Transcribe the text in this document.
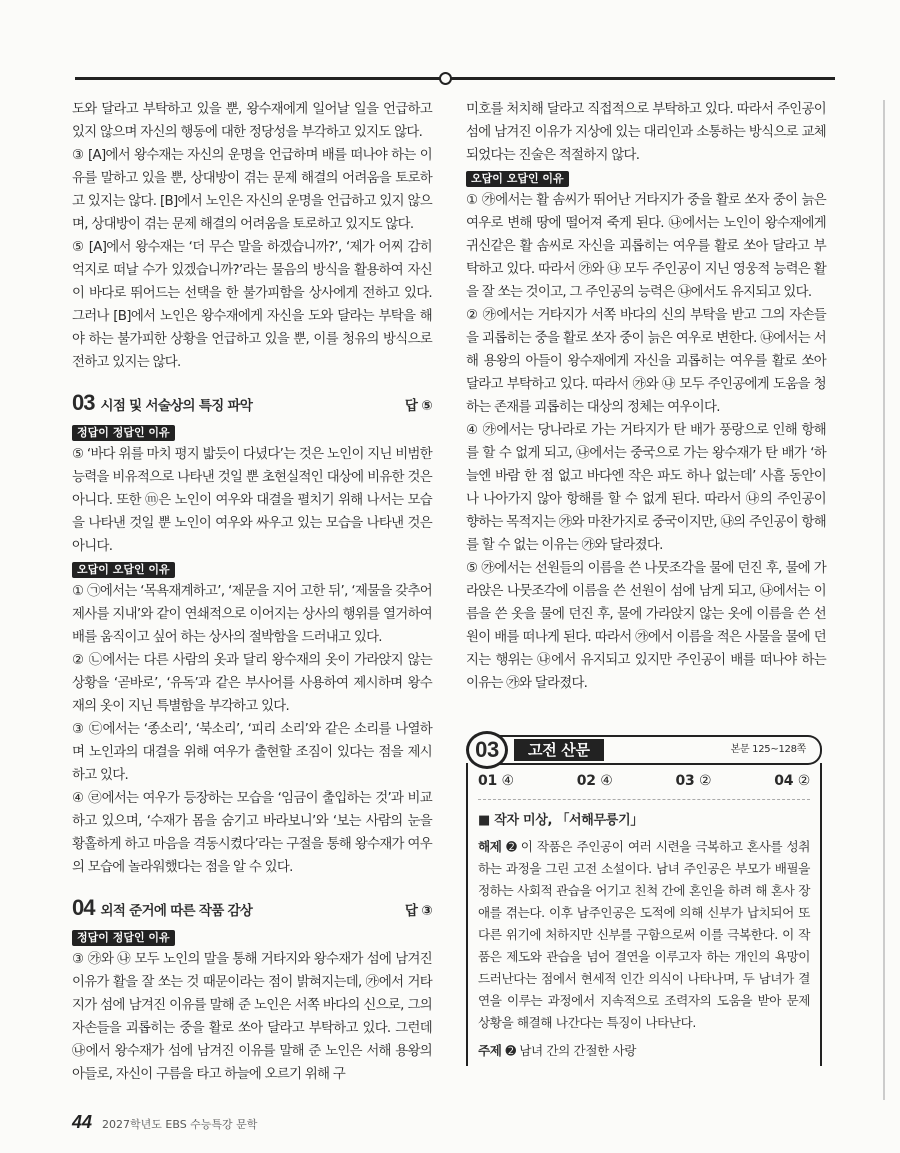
도와 달라고 부탁하고 있을 뿐, 왕수재에게 일어날 일을 언급하고 있지 않으며 자신의 행동에 대한 정당성을 부각하고 있지도 않다.

③ [A]에서 왕수재는 자신의 운명을 언급하며 배를 떠나야 하는 이유를 말하고 있을 뿐, 상대방이 겪는 문제 해결의 어려움을 토로하고 있지는 않다. [B]에서 노인은 자신의 운명을 언급하고 있지 않으며, 상대방이 겪는 문제 해결의 어려움을 토로하고 있지도 않다.

⑤ [A]에서 왕수재는 ‘더 무슨 말을 하겠습니까?’, ‘제가 어찌 감히 억지로 떠날 수가 있겠습니까?’라는 물음의 방식을 활용하여 자신이 바다로 뛰어드는 선택을 한 불가피함을 상사에게 전하고 있다. 그러나 [B]에서 노인은 왕수재에게 자신을 도와 달라는 부탁을 해야 하는 불가피한 상황을 언급하고 있을 뿐, 이를 청유의 방식으로 전하고 있지는 않다.

03 시점 및 서술상의 특징 파악	답 ⑤
정답이 정답인 이유

⑤ ‘바다 위를 마치 평지 밟듯이 다녔다’는 것은 노인이 지닌 비범한 능력을 비유적으로 나타낸 것일 뿐 초현실적인 대상에 비유한 것은 아니다. 또한 ⓜ은 노인이 여우와 대결을 펼치기 위해 나서는 모습을 나타낸 것일 뿐 노인이 여우와 싸우고 있는 모습을 나타낸 것은 아니다.

오답이 오답인 이유

① ㉠에서는 ‘목욕재계하고’, ‘제문을 지어 고한 뒤’, ‘제물을 갖추어 제사를 지내’와 같이 연쇄적으로 이어지는 상사의 행위를 열거하여 배를 움직이고 싶어 하는 상사의 절박함을 드러내고 있다.

② ㉡에서는 다른 사람의 옷과 달리 왕수재의 옷이 가라앉지 않는 상황을 ‘곧바로’, ‘유독’과 같은 부사어를 사용하여 제시하며 왕수재의 옷이 지닌 특별함을 부각하고 있다.

③ ㉢에서는 ‘종소리’, ‘북소리’, ‘피리 소리’와 같은 소리를 나열하며 노인과의 대결을 위해 여우가 출현할 조짐이 있다는 점을 제시하고 있다.

④ ㉣에서는 여우가 등장하는 모습을 ‘임금이 출입하는 것’과 비교하고 있으며, ‘수재가 몸을 숨기고 바라보니’와 ‘보는 사람의 눈을 황홀하게 하고 마음을 격동시켰다’라는 구절을 통해 왕수재가 여우의 모습에 놀라워했다는 점을 알 수 있다.

04 외적 준거에 따른 작품 감상	답 ③
정답이 정답인 이유

③ ㉮와 ㉯ 모두 노인의 말을 통해 거타지와 왕수재가 섬에 남겨진 이유가 활을 잘 쏘는 것 때문이라는 점이 밝혀지는데, ㉮에서 거타지가 섬에 남겨진 이유를 말해 준 노인은 서쪽 바다의 신으로, 그의 자손들을 괴롭히는 중을 활로 쏘아 달라고 부탁하고 있다. 그런데 ㉯에서 왕수재가 섬에 남겨진 이유를 말해 준 노인은 서해 용왕의 아들로, 자신이 구름을 타고 하늘에 오르기 위해 구

44 2027학년도 EBS 수능특강 문학

미호를 처치해 달라고 직접적으로 부탁하고 있다. 따라서 주인공이 섬에 남겨진 이유가 지상에 있는 대리인과 소통하는 방식으로 교체되었다는 진술은 적절하지 않다.

오답이 오답인 이유

① ㉮에서는 활 솜씨가 뛰어난 거타지가 중을 활로 쏘자 중이 늙은 여우로 변해 땅에 떨어져 죽게 된다. ㉯에서는 노인이 왕수재에게 귀신같은 활 솜씨로 자신을 괴롭히는 여우를 활로 쏘아 달라고 부탁하고 있다. 따라서 ㉮와 ㉯ 모두 주인공이 지닌 영웅적 능력은 활을 잘 쏘는 것이고, 그 주인공의 능력은 ㉯에서도 유지되고 있다.

② ㉮에서는 거타지가 서쪽 바다의 신의 부탁을 받고 그의 자손들을 괴롭히는 중을 활로 쏘자 중이 늙은 여우로 변한다. ㉯에서는 서해 용왕의 아들이 왕수재에게 자신을 괴롭히는 여우를 활로 쏘아 달라고 부탁하고 있다. 따라서 ㉮와 ㉯ 모두 주인공에게 도움을 청하는 존재를 괴롭히는 대상의 정체는 여우이다.

④ ㉮에서는 당나라로 가는 거타지가 탄 배가 풍랑으로 인해 항해를 할 수 없게 되고, ㉯에서는 중국으로 가는 왕수재가 탄 배가 ‘하늘엔 바람 한 점 없고 바다엔 작은 파도 하나 없는데’ 사흘 동안이나 나아가지 않아 항해를 할 수 없게 된다. 따라서 ㉯의 주인공이 향하는 목적지는 ㉮와 마찬가지로 중국이지만, ㉯의 주인공이 항해를 할 수 없는 이유는 ㉮와 달라졌다.

⑤ ㉮에서는 선원들의 이름을 쓴 나뭇조각을 물에 던진 후, 물에 가라앉은 나뭇조각에 이름을 쓴 선원이 섬에 남게 되고, ㉯에서는 이름을 쓴 옷을 물에 던진 후, 물에 가라앉지 않는 옷에 이름을 쓴 선원이 배를 떠나게 된다. 따라서 ㉮에서 이름을 적은 사물을 물에 던지는 행위는 ㉯에서 유지되고 있지만 주인공이 배를 떠나야 하는 이유는 ㉮와 달라졌다.

03	고전 산문	본문 125~128쪽
01 ④	02 ④	03 ②	04 ②
■ 작자 미상, 「서해무릉기」

해제 ➋ 이 작품은 주인공이 여러 시련을 극복하고 혼사를 성취하는 과정을 그린 고전 소설이다. 남녀 주인공은 부모가 배필을 정하는 사회적 관습을 어기고 친척 간에 혼인을 하려 해 혼사 장애를 겪는다. 이후 남주인공은 도적에 의해 신부가 납치되어 또 다른 위기에 처하지만 신부를 구함으로써 이를 극복한다. 이 작품은 제도와 관습을 넘어 결연을 이루고자 하는 개인의 욕망이 드러난다는 점에서 현세적 인간 의식이 나타나며, 두 남녀가 결연을 이루는 과정에서 지속적으로 조력자의 도움을 받아 문제 상황을 해결해 나간다는 특징이 나타난다.

주제 ➋ 남녀 간의 간절한 사랑
